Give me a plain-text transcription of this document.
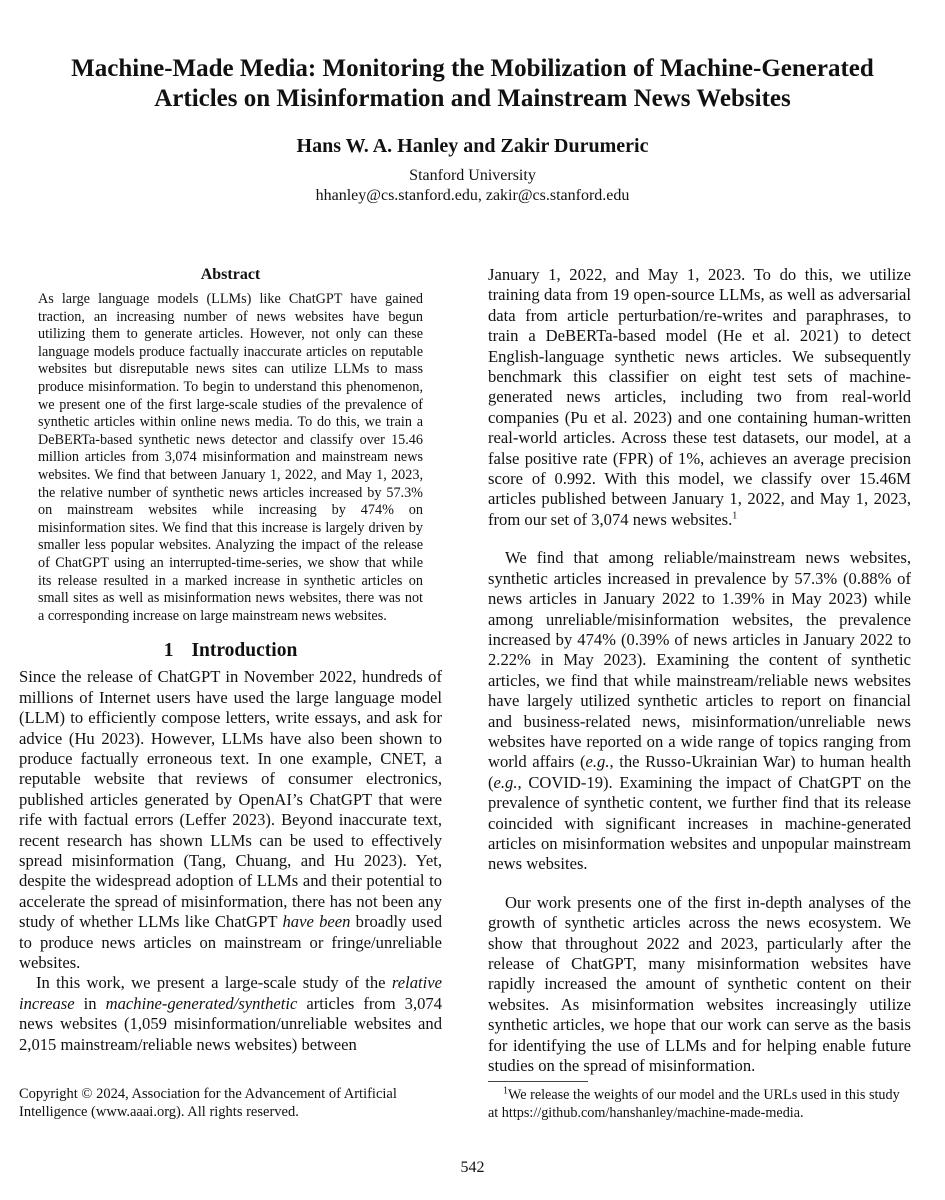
Machine-Made Media: Monitoring the Mobilization of Machine-Generated
Articles on Misinformation and Mainstream News Websites
Hans W. A. Hanley and Zakir Durumeric
Stanford University
hhanley@cs.stanford.edu, zakir@cs.stanford.edu
Abstract

As large language models (LLMs) like ChatGPT have gained traction, an increasing number of news websites have begun utilizing them to generate articles. However, not only can these language models produce factually inaccurate articles on reputable websites but disreputable news sites can utilize LLMs to mass produce misinformation. To begin to understand this phenomenon, we present one of the first large-scale studies of the prevalence of synthetic articles within online news media. To do this, we train a DeBERTa-based synthetic news detector and classify over 15.46 million articles from 3,074 misinformation and mainstream news websites. We find that between January 1, 2022, and May 1, 2023, the relative number of synthetic news articles increased by 57.3% on mainstream websites while increasing by 474% on misinformation sites. We find that this increase is largely driven by smaller less popular websites. Analyzing the impact of the release of ChatGPT using an interrupted-time-series, we show that while its release resulted in a marked increase in synthetic articles on small sites as well as misinformation news websites, there was not a corresponding increase on large mainstream news websites.

1 Introduction

Since the release of ChatGPT in November 2022, hundreds of millions of Internet users have used the large language model (LLM) to efficiently compose letters, write essays, and ask for advice (Hu 2023). However, LLMs have also been shown to produce factually erroneous text. In one example, CNET, a reputable website that reviews of consumer electronics, published articles generated by OpenAI’s ChatGPT that were rife with factual errors (Leffer 2023). Beyond inaccurate text, recent research has shown LLMs can be used to effectively spread misinformation (Tang, Chuang, and Hu 2023). Yet, despite the widespread adoption of LLMs and their potential to accelerate the spread of misinformation, there has not been any study of whether LLMs like ChatGPT have been broadly used to produce news articles on mainstream or fringe/unreliable websites.

In this work, we present a large-scale study of the relative increase in machine-generated/synthetic articles from 3,074 news websites (1,059 misinformation/unreliable websites and 2,015 mainstream/reliable news websites) between

Copyright © 2024, Association for the Advancement of Artificial Intelligence (www.aaai.org). All rights reserved.

January 1, 2022, and May 1, 2023. To do this, we utilize training data from 19 open-source LLMs, as well as adversarial data from article perturbation/re-writes and paraphrases, to train a DeBERTa-based model (He et al. 2021) to detect English-language synthetic news articles. We subsequently benchmark this classifier on eight test sets of machine-generated news articles, including two from real-world companies (Pu et al. 2023) and one containing human-written real-world articles. Across these test datasets, our model, at a false positive rate (FPR) of 1%, achieves an average precision score of 0.992. With this model, we classify over 15.46M articles published between January 1, 2022, and May 1, 2023, from our set of 3,074 news websites.$^1$

We find that among reliable/mainstream news websites, synthetic articles increased in prevalence by 57.3% (0.88% of news articles in January 2022 to 1.39% in May 2023) while among unreliable/misinformation websites, the prevalence increased by 474% (0.39% of news articles in January 2022 to 2.22% in May 2023). Examining the content of synthetic articles, we find that while mainstream/reliable news websites have largely utilized synthetic articles to report on financial and business-related news, misinformation/unreliable news websites have reported on a wide range of topics ranging from world affairs (e.g., the Russo-Ukrainian War) to human health (e.g., COVID-19). Examining the impact of ChatGPT on the prevalence of synthetic content, we further find that its release coincided with significant increases in machine-generated articles on misinformation websites and unpopular mainstream news websites.

Our work presents one of the first in-depth analyses of the growth of synthetic articles across the news ecosystem. We show that throughout 2022 and 2023, particularly after the release of ChatGPT, many misinformation websites have rapidly increased the amount of synthetic content on their websites. As misinformation websites increasingly utilize synthetic articles, we hope that our work can serve as the basis for identifying the use of LLMs and for helping enable future studies on the spread of misinformation.

$^1$We release the weights of our model and the URLs used in this study at https://github.com/hanshanley/machine-made-media.
542
